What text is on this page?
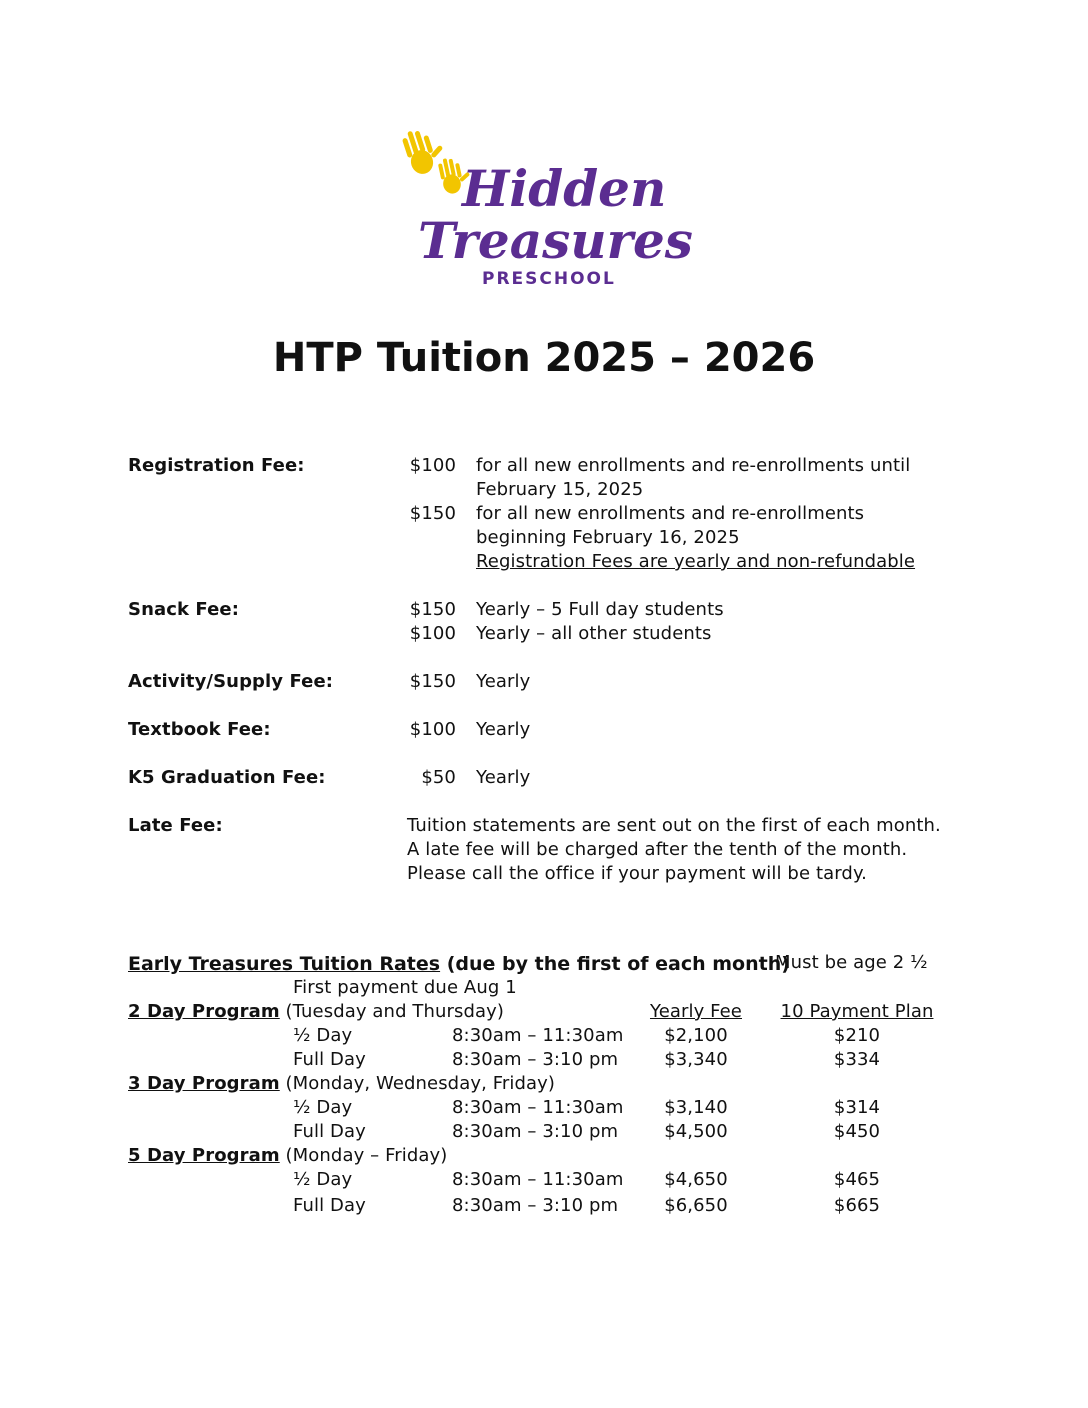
Hidden
Treasures
PRESCHOOL
HTP Tuition 2025 – 2026
Registration Fee:	$100 for all new enrollments and re-enrollments until
February 15, 2025
$150 for all new enrollments and re-enrollments
beginning February 16, 2025
Registration Fees are yearly and non-refundable
Snack Fee:	$150 Yearly – 5 Full day students
$100 Yearly – all other students
Activity/Supply Fee:	$150 Yearly
Textbook Fee:	$100 Yearly
K5 Graduation Fee:	$50 Yearly
Late Fee:	Tuition statements are sent out on the first of each month.
A late fee will be charged after the tenth of the month.
Please call the office if your payment will be tardy.
Early Treasures Tuition Rates (due by the first of each month)
Must be age 2 ½
First payment due Aug 1
2 Day Program (Tuesday and Thursday)	Yearly Fee	10 Payment Plan
½ Day	8:30am – 11:30am	$2,100	$210
Full Day	8:30am – 3:10 pm	$3,340	$334
3 Day Program (Monday, Wednesday, Friday)
½ Day	8:30am – 11:30am	$3,140	$314
Full Day	8:30am – 3:10 pm	$4,500	$450
5 Day Program (Monday – Friday)
½ Day	8:30am – 11:30am	$4,650	$465
Full Day	8:30am – 3:10 pm	$6,650	$665
